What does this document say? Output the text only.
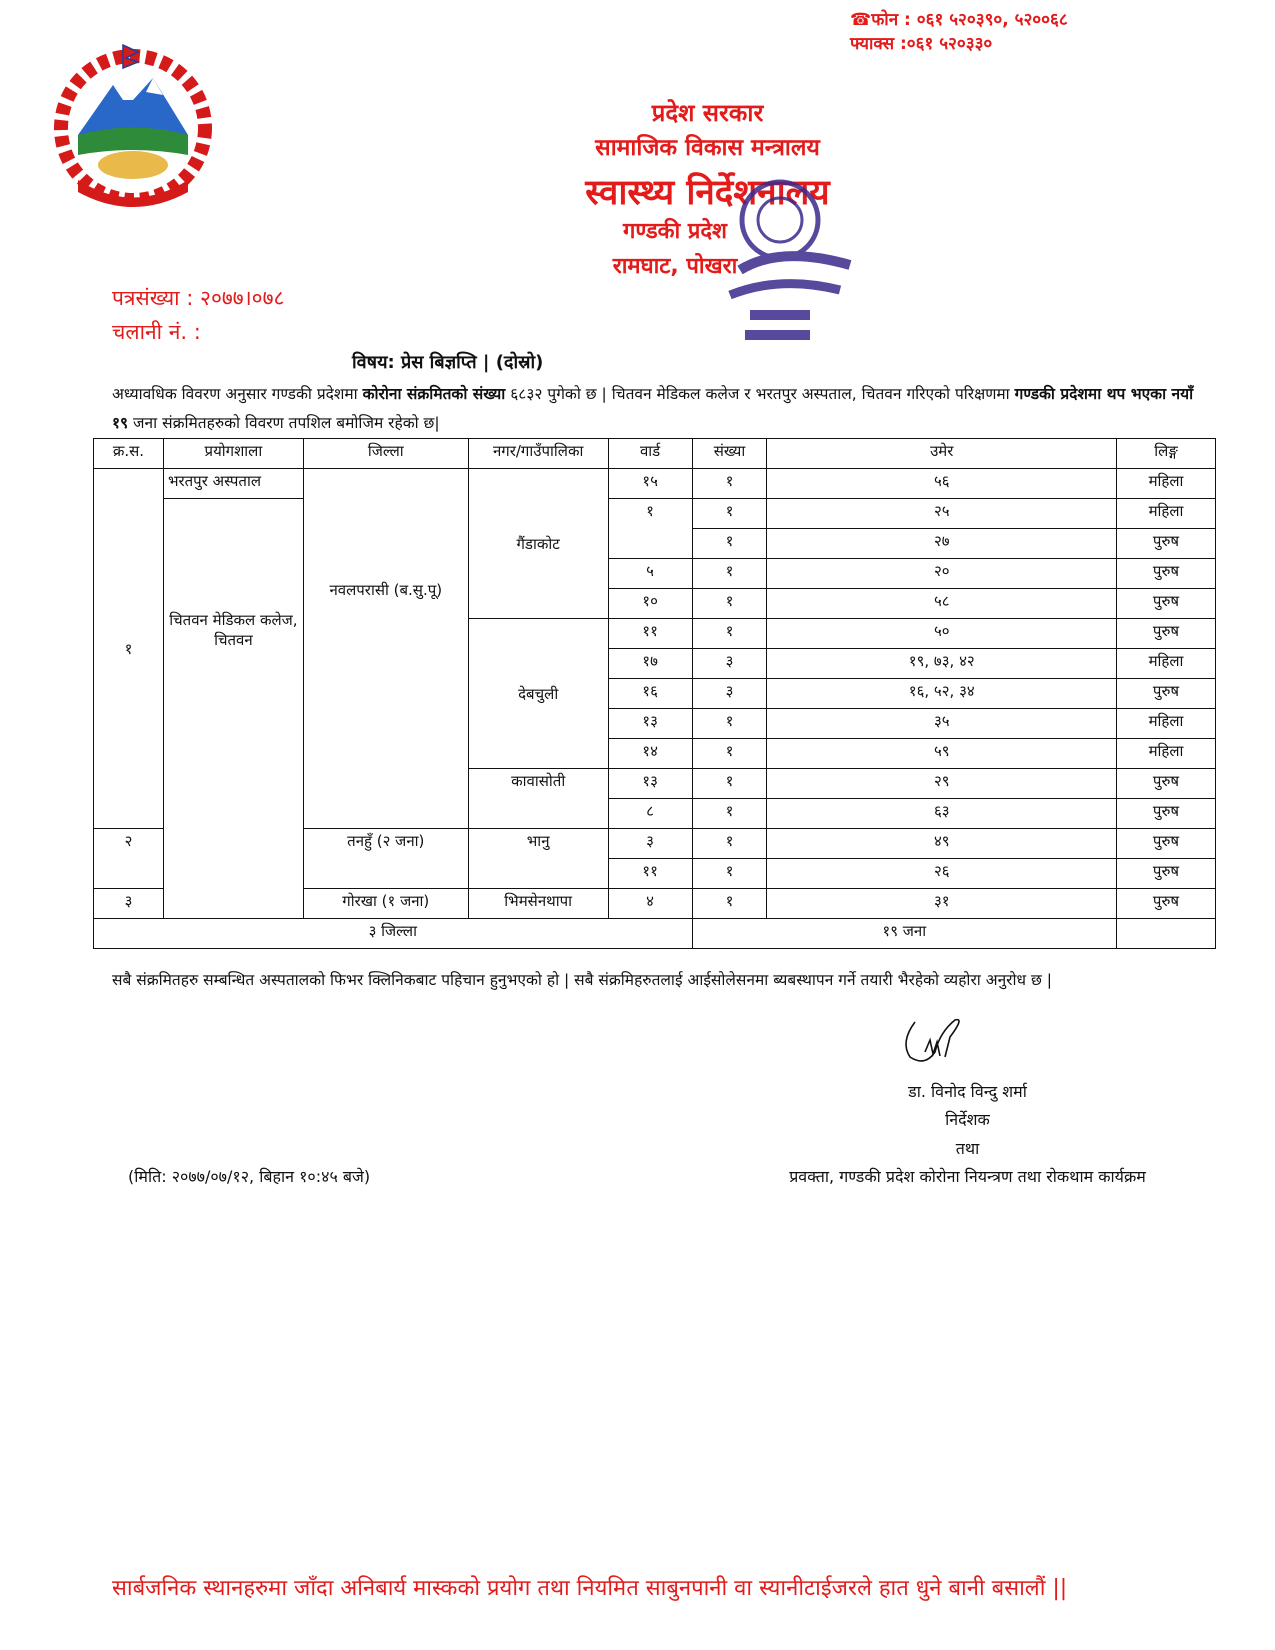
☎फोन : ०६१ ५२०३९०, ५२००६८
फ्याक्स :०६१ ५२०३३०
प्रदेश सरकार
सामाजिक विकास मन्त्रालय
स्वास्थ्य निर्देशनालय
गण्डकी प्रदेश
रामघाट, पोखरा
पत्रसंख्या : २०७७।०७८
चलानी नं. :
विषय: प्रेस बिज्ञप्ति | (दोस्रो)
अध्यावधिक विवरण अनुसार गण्डकी प्रदेशमा कोरोना संक्रमितको संख्या ६८३२ पुगेको छ | चितवन मेडिकल कलेज र भरतपुर अस्पताल, चितवन गरिएको परिक्षणमा गण्डकी प्रदेशमा थप भएका नयाँ १९ जना संक्रमितहरुको विवरण तपशिल बमोजिम रहेको छ|
क्र.स.	प्रयोगशाला	जिल्ला	नगर/गाउँपालिका	वार्ड	संख्या	उमेर	लिङ्ग
१	भरतपुर अस्पताल	नवलपरासी (ब.सु.पू)	गैंडाकोट	१५	१	५६	महिला
	चितवन मेडिकल कलेज, चितवन			१	१	२५	महिला
					१	२७	पुरुष
				५	१	२०	पुरुष
				१०	१	५८	पुरुष
			देबचुली	११	१	५०	पुरुष
				१७	३	१९, ७३, ४२	महिला
				१६	३	१६, ५२, ३४	पुरुष
				१३	१	३५	महिला
				१४	१	५९	महिला
			कावासोती	१३	१	२९	पुरुष
				८	१	६३	पुरुष
२		तनहुँ (२ जना)	भानु	३	१	४९	पुरुष
				११	१	२६	पुरुष
३		गोरखा (१ जना)	भिमसेनथापा	४	१	३१	पुरुष
३ जिल्ला					१९ जना		
सबै संक्रमितहरु सम्बन्धित अस्पतालको फिभर क्लिनिकबाट पहिचान हुनुभएको हो | सबै संक्रमिहरुतलाई आईसोलेसनमा ब्यबस्थापन गर्ने तयारी भैरहेको व्यहोरा अनुरोध छ |
डा. विनोद विन्दु शर्मा
निर्देशक
तथा
प्रवक्ता, गण्डकी प्रदेश कोरोना नियन्त्रण तथा रोकथाम कार्यक्रम
(मिति: २०७७/०७/१२, बिहान १०:४५ बजे)
सार्बजनिक स्थानहरुमा जाँदा अनिबार्य मास्कको प्रयोग तथा नियमित साबुनपानी वा स्यानीटाईजरले हात धुने बानी बसालौं ||
